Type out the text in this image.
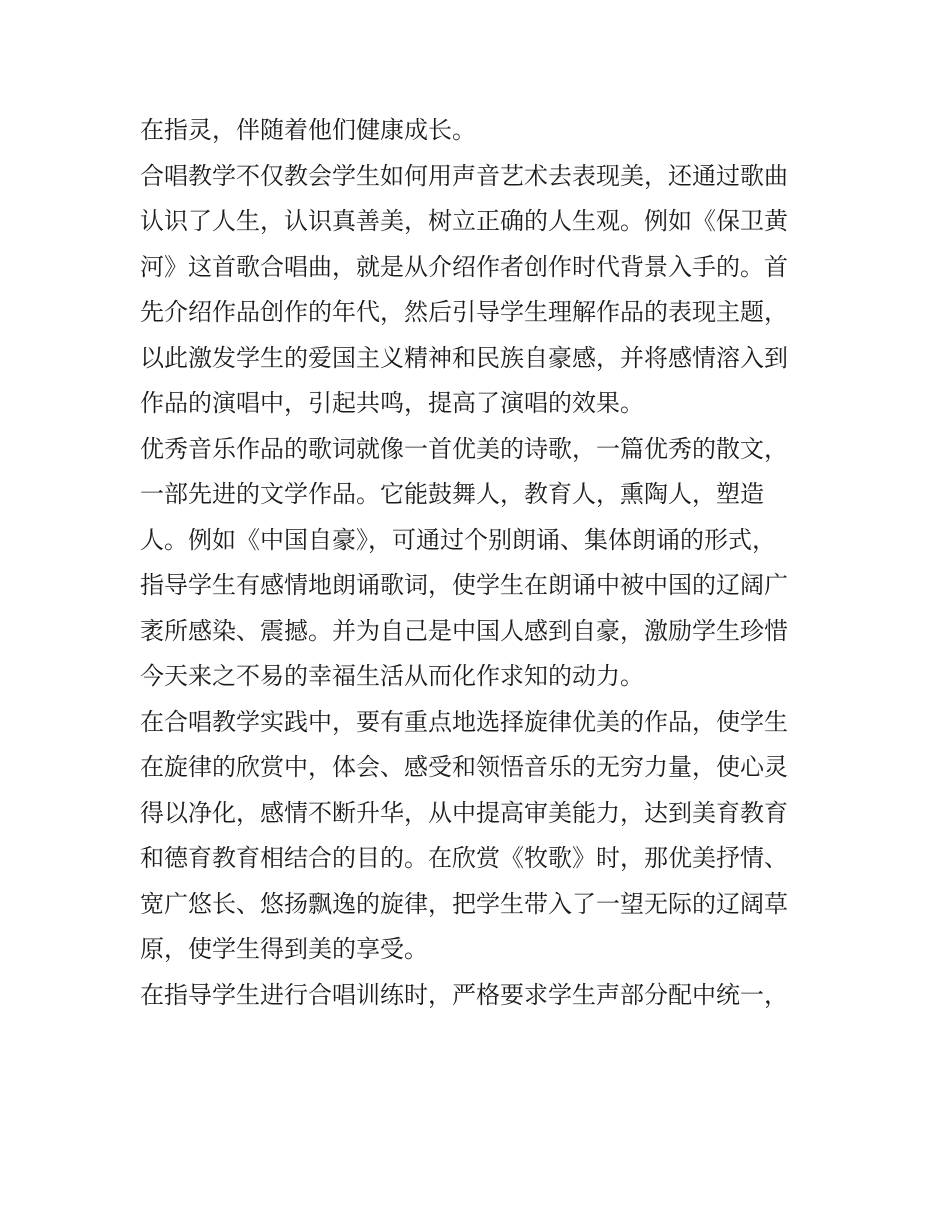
在指灵，伴随着他们健康成长。
合唱教学不仅教会学生如何用声音艺术去表现美，还通过歌曲
认识了人生，认识真善美，树立正确的人生观。例如《保卫黄
河》这首歌合唱曲，就是从介绍作者创作时代背景入手的。首
先介绍作品创作的年代，然后引导学生理解作品的表现主题，
以此激发学生的爱国主义精神和民族自豪感，并将感情溶入到
作品的演唱中，引起共鸣，提高了演唱的效果。
优秀音乐作品的歌词就像一首优美的诗歌，一篇优秀的散文，
一部先进的文学作品。它能鼓舞人，教育人，熏陶人，塑造
人。例如《中国自豪》，可通过个别朗诵、集体朗诵的形式，
指导学生有感情地朗诵歌词，使学生在朗诵中被中国的辽阔广
袤所感染、震撼。并为自己是中国人感到自豪，激励学生珍惜
今天来之不易的幸福生活从而化作求知的动力。
在合唱教学实践中，要有重点地选择旋律优美的作品，使学生
在旋律的欣赏中，体会、感受和领悟音乐的无穷力量，使心灵
得以净化，感情不断升华，从中提高审美能力，达到美育教育
和德育教育相结合的目的。在欣赏《牧歌》时，那优美抒情、
宽广悠长、悠扬飘逸的旋律，把学生带入了一望无际的辽阔草
原，使学生得到美的享受。
在指导学生进行合唱训练时，严格要求学生声部分配中统一，
